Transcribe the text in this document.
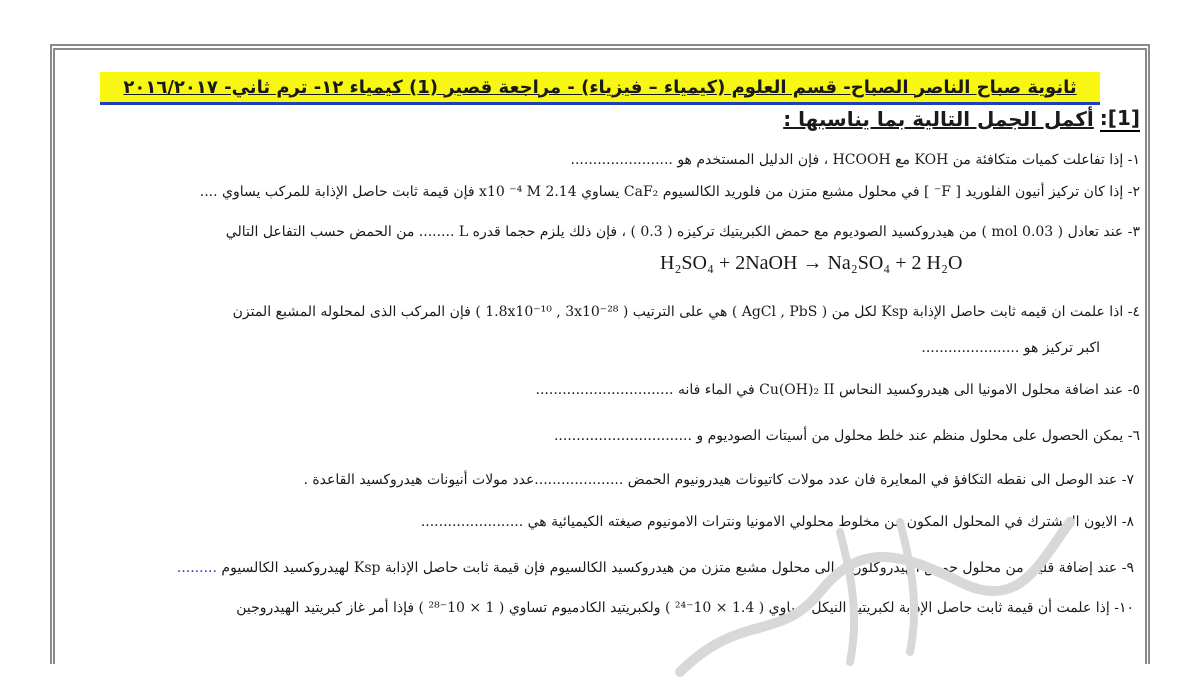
ثانوية صباح الناصر الصباح- قسم العلوم (كيمياء – فيزياء) - مراجعة قصير (1) كيمياء ١٢- ترم ثاني- ٢٠١٦/٢٠١٧
[1]:
أكمل الجمل التالية بما يناسبها :
١- إذا تفاعلت كميات متكافئة من KOH مع HCOOH ، فإن الدليل المستخدم هو .......................
٢- إذا كان تركيز أنيون الفلوريد [ F⁻ ] في محلول مشبع متزن من فلوريد الكالسيوم CaF₂ يساوي 2.14 x10 ⁻⁴ M فإن قيمة ثابت حاصل الإذابة للمركب يساوي ....
٣- عند تعادل ( 0.03 mol ) من هيدروكسيد الصوديوم مع حمض الكبريتيك تركيزه ( 0.3 ) ، فإن ذلك يلزم حجما قدره L ........ من الحمض حسب التفاعل التالي
H₂SO₄ + 2NaOH → Na₂SO₄ + 2 H₂O
٤- اذا علمت ان قيمه ثابت حاصل الإذابة Ksp لكل من ( AgCl , PbS ) هي على الترتيب ( 1.8x10⁻¹⁰ , 3x10⁻²⁸ ) فإن المركب الذى لمحلوله المشبع المتزن
اكبر تركيز هو ......................
٥- عند اضافة محلول الامونيا الى هيدروكسيد النحاس Cu(OH)₂ II في الماء فانه ...............................
٦- يمكن الحصول على محلول منظم عند خلط محلول من أسيتات الصوديوم و ...............................
٧- عند الوصل الى نقطه التكافؤ في المعايرة فان عدد مولات كاتيونات هيدرونيوم الحمض ....................عدد مولات أنيونات هيدروكسيد القاعدة .
٨- الايون المشترك في المحلول المكون من مخلوط محلولي الامونيا ونترات الامونيوم صيغته الكيميائية هي .......................
٩- عند إضافة قليل من محلول حمض الهيدروكلوريك إلى محلول مشبع متزن من هيدروكسيد الكالسيوم فإن قيمة ثابت حاصل الإذابة Ksp لهيدروكسيد الكالسيوم .........
١٠- إذا علمت أن قيمة ثابت حاصل الإذابة لكبريتيد النيكل تساوي ( 1.4 × 10⁻²⁴ ) ولكبريتيد الكادميوم تساوي ( 1 × 10⁻²⁸ ) فإذا أمر غاز كبريتيد الهيدروجين
